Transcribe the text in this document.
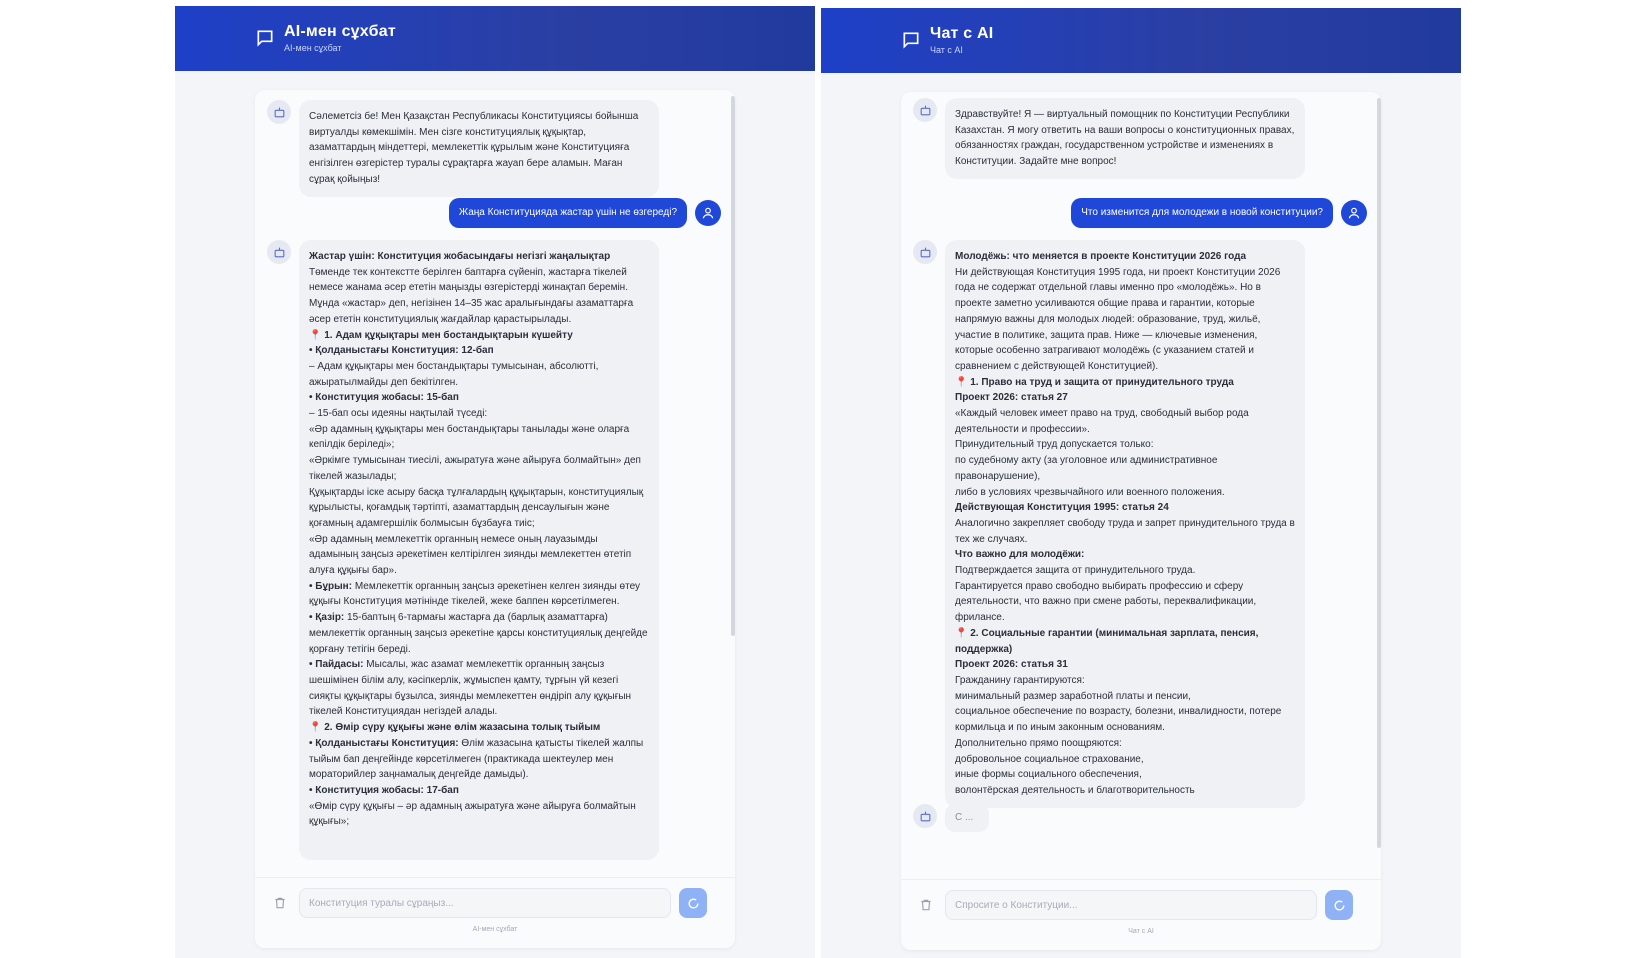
AI-мен сұхбат
AI-мен сұхбат
Сәлеметсіз бе! Мен Қазақстан Республикасы Конституциясы бойынша виртуалды көмекшімін. Мен сізге конституциялық құқықтар, азаматтардың міндеттері, мемлекеттік құрылым және Конституцияға енгізілген өзгерістер туралы сұрақтарға жауап бере аламын. Маған сұрақ қойыңыз!
Жаңа Конституцияда жастар үшін не өзгереді?
Жастар үшін: Конституция жобасындағы негізгі жаңалықтар
Төменде тек контекстте берілген баптарға сүйеніп, жастарға тікелей немесе жанама әсер ететін маңызды өзгерістерді жинақтап беремін. Мұнда «жастар» деп, негізінен 14–35 жас аралығындағы азаматтарға әсер ететін конституциялық жағдайлар қарастырылады.
📍 1. Адам құқықтары мен бостандықтарын күшейту
• Қолданыстағы Конституция: 12-бап
– Адам құқықтары мен бостандықтары тумысынан, абсолютті, ажыратылмайды деп бекітілген.
• Конституция жобасы: 15-бап
– 15-бап осы идеяны нақтылай түседі:
«Әр адамның құқықтары мен бостандықтары танылады және оларға кепілдік беріледі»;
«Әркімге тумысынан тиесілі, ажыратуға және айыруға болмайтын» деп тікелей жазылады;
Құқықтарды іске асыру басқа тұлғалардың құқықтарын, конституциялық құрылысты, қоғамдық тәртіпті, азаматтардың денсаулығын және қоғамның адамгершілік болмысын бұзбауға тиіс;
«Әр адамның мемлекеттік органның немесе оның лауазымды адамының заңсыз әрекетімен келтірілген зиянды мемлекеттен өтетіп алуға құқығы бар».
• Бұрын: Мемлекеттік органның заңсыз әрекетінен келген зиянды өтеу құқығы Конституция мәтінінде тікелей, жеке баппен көрсетілмеген.
• Қазір: 15-баптың 6-тармағы жастарға да (барлық азаматтарға) мемлекеттік органның заңсыз әрекетіне қарсы конституциялық деңгейде қорғану тетігін береді.
• Пайдасы: Мысалы, жас азамат мемлекеттік органның заңсыз шешімінен білім алу, кәсіпкерлік, жұмыспен қамту, тұрғын үй кезегі сияқты құқықтары бұзылса, зиянды мемлекеттен өндіріп алу құқығын тікелей Конституциядан негіздей алады.
📍 2. Өмір сүру құқығы және өлім жазасына толық тыйым
• Қолданыстағы Конституция: Өлім жазасына қатысты тікелей жалпы тыйым бап деңгейінде көрсетілмеген (практикада шектеулер мен мораторийлер заңнамалық деңгейде дамыды).
• Конституция жобасы: 17-бап
«Өмір сүру құқығы – әр адамның ажыратуға және айыруға болмайтын құқығы»;
Конституция туралы сұраңыз...
AI-мен сұхбат
Чат с AI
Чат с AI
Здравствуйте! Я — виртуальный помощник по Конституции Республики Казахстан. Я могу ответить на ваши вопросы о конституционных правах, обязанностях граждан, государственном устройстве и изменениях в Конституции. Задайте мне вопрос!
Что изменится для молодежи в новой конституции?
Молодёжь: что меняется в проекте Конституции 2026 года
Ни действующая Конституция 1995 года, ни проект Конституции 2026 года не содержат отдельной главы именно про «молодёжь». Но в проекте заметно усиливаются общие права и гарантии, которые напрямую важны для молодых людей: образование, труд, жильё, участие в политике, защита прав. Ниже — ключевые изменения, которые особенно затрагивают молодёжь (с указанием статей и сравнением с действующей Конституцией).
📍 1. Право на труд и защита от принудительного труда
Проект 2026: статья 27
«Каждый человек имеет право на труд, свободный выбор рода деятельности и профессии».
Принудительный труд допускается только:
по судебному акту (за уголовное или административное правонарушение),
либо в условиях чрезвычайного или военного положения.
Действующая Конституция 1995: статья 24
Аналогично закрепляет свободу труда и запрет принудительного труда в тех же случаях.
Что важно для молодёжи:
Подтверждается защита от принудительного труда.
Гарантируется право свободно выбирать профессию и сферу деятельности, что важно при смене работы, переквалификации, фрилансе.
📍 2. Социальные гарантии (минимальная зарплата, пенсия, поддержка)
Проект 2026: статья 31
Гражданину гарантируются:
минимальный размер заработной платы и пенсии,
социальное обеспечение по возрасту, болезни, инвалидности, потере кормильца и по иным законным основаниям.
Дополнительно прямо поощряются:
добровольное социальное страхование,
иные формы социального обеспечения,
волонтёрская деятельность и благотворительность
C ...
Спросите о Конституции...
Чат с AI
